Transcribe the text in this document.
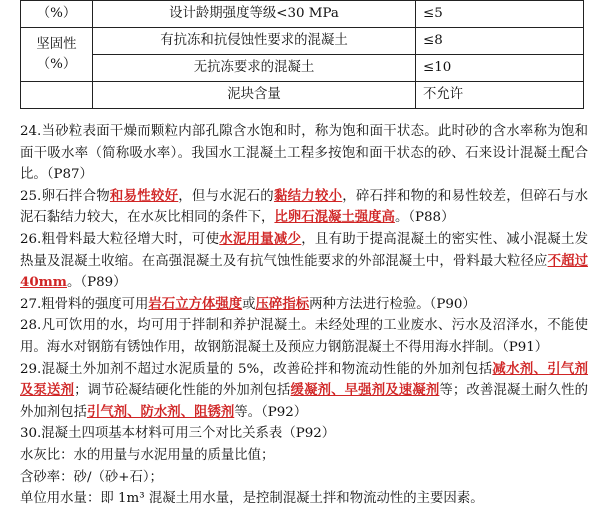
（%）	设计龄期强度等级<30 MPa	≤5
坚固性
（%）	有抗冻和抗侵蚀性要求的混凝土	≤8
	无抗冻要求的混凝土	≤10
	泥块含量	不允许

24.当砂粒表面干燥而颗粒内部孔隙含水饱和时，称为饱和面干状态。此时砂的含水率称为饱和面干吸水率（简称吸水率）。我国水工混凝土工程多按饱和面干状态的砂、石来设计混凝土配合比。（P87）

25.卵石拌合物和易性较好，但与水泥石的黏结力较小，碎石拌和物的和易性较差，但碎石与水泥石黏结力较大，在水灰比相同的条件下，比卵石混凝土强度高。（P88）

26.粗骨料最大粒径增大时，可使水泥用量减少，且有助于提高混凝土的密实性、减小混凝土发热量及混凝土收缩。在高强混凝土及有抗气蚀性能要求的外部混凝土中，骨料最大粒径应不超过 40mm。（P89）

27.粗骨料的强度可用岩石立方体强度或压碎指标两种方法进行检验。（P90）

28.凡可饮用的水，均可用于拌制和养护混凝土。未经处理的工业废水、污水及沼泽水，不能使用。海水对钢筋有锈蚀作用，故钢筋混凝土及预应力钢筋混凝土不得用海水拌制。（P91）

29.混凝土外加剂不超过水泥质量的 5%，改善砼拌和物流动性能的外加剂包括减水剂、引气剂及泵送剂；调节砼凝结硬化性能的外加剂包括缓凝剂、早强剂及速凝剂等；改善混凝土耐久性的外加剂包括引气剂、防水剂、阻锈剂等。（P92）

30.混凝土四项基本材料可用三个对比关系表（P92）

水灰比：水的用量与水泥用量的质量比值；

含砂率：砂/（砂+石）；

单位用水量：即 1m³ 混凝土用水量，是控制混凝土拌和物流动性的主要因素。
